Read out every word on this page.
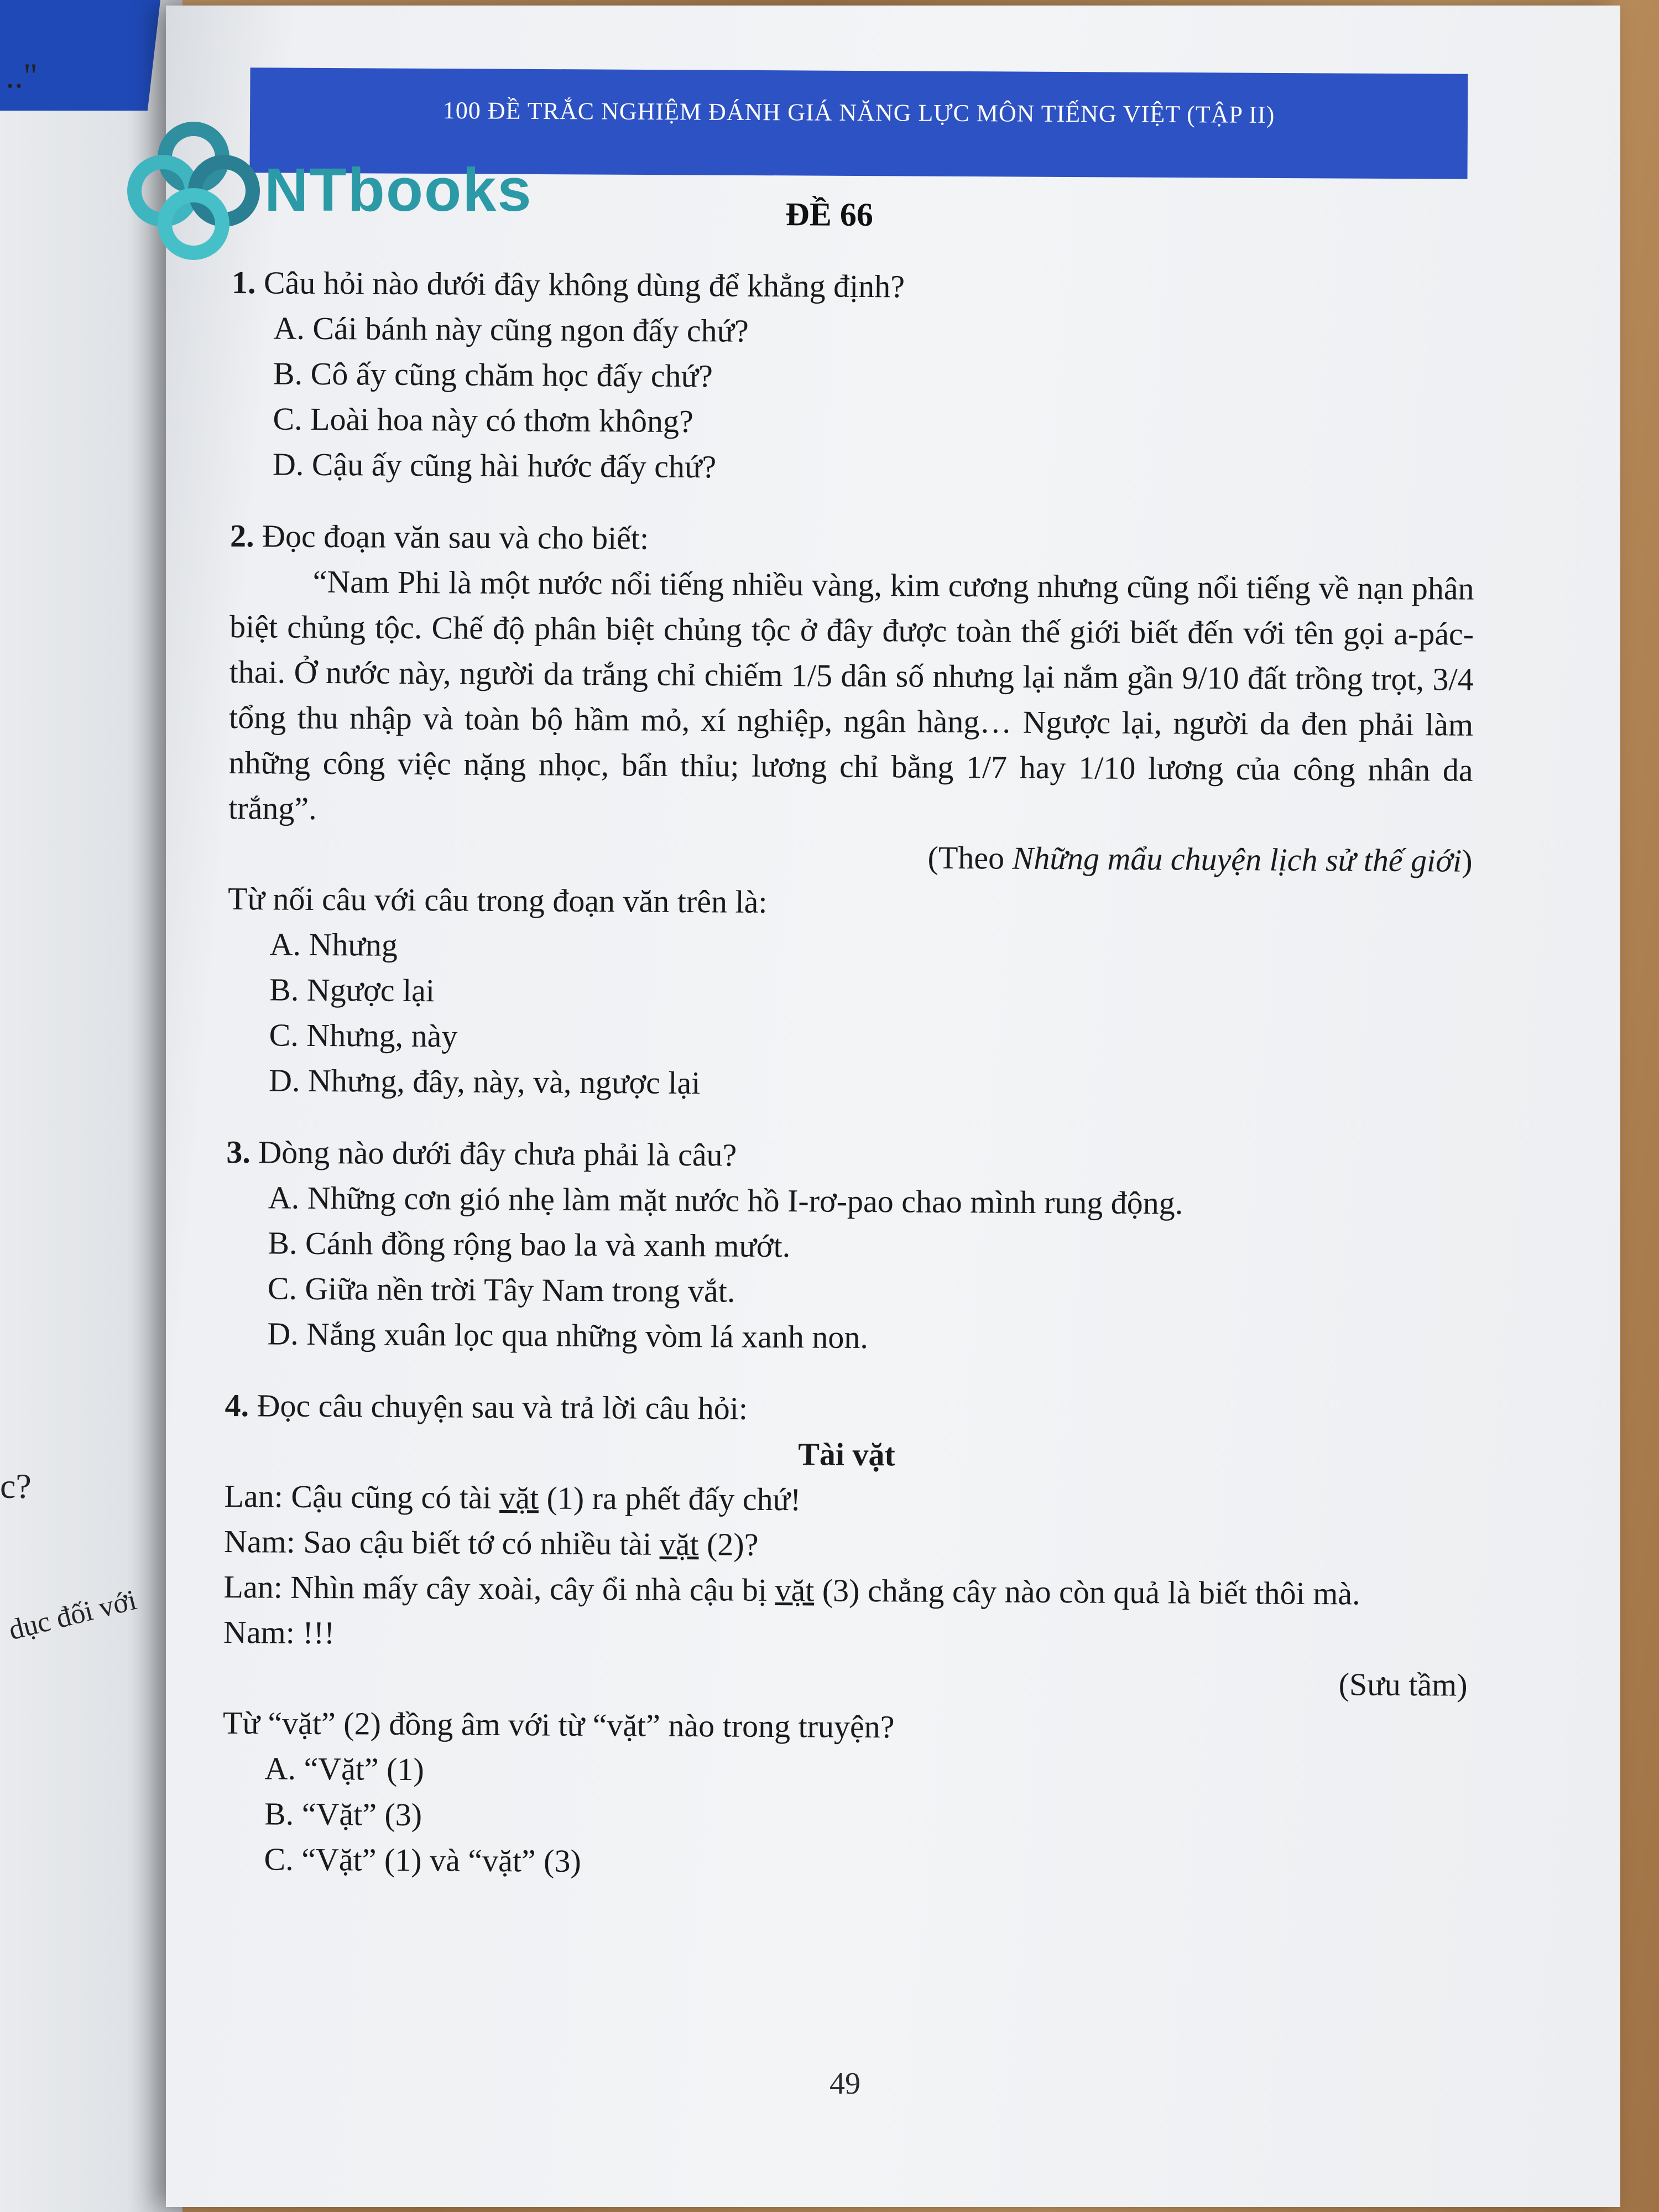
.."
c?
dục đối với
100 ĐỀ TRẮC NGHIỆM ĐÁNH GIÁ NĂNG LỰC MÔN TIẾNG VIỆT (TẬP II)
NTbooks	ĐỀ 66
1. Câu hỏi nào dưới đây không dùng để khẳng định?
A. Cái bánh này cũng ngon đấy chứ?
B. Cô ấy cũng chăm học đấy chứ?
C. Loài hoa này có thơm không?
D. Cậu ấy cũng hài hước đấy chứ?
2. Đọc đoạn văn sau và cho biết:
“Nam Phi là một nước nổi tiếng nhiều vàng, kim cương nhưng cũng nổi tiếng về nạn phân biệt chủng tộc. Chế độ phân biệt chủng tộc ở đây được toàn thế giới biết đến với tên gọi a-pác-thai. Ở nước này, người da trắng chỉ chiếm 1/5 dân số nhưng lại nắm gần 9/10 đất trồng trọt, 3/4 tổng thu nhập và toàn bộ hầm mỏ, xí nghiệp, ngân hàng… Ngược lại, người da đen phải làm những công việc nặng nhọc, bẩn thỉu; lương chỉ bằng 1/7 hay 1/10 lương của công nhân da trắng”.
(Theo Những mẩu chuyện lịch sử thế giới)
Từ nối câu với câu trong đoạn văn trên là:
A. Nhưng
B. Ngược lại
C. Nhưng, này
D. Nhưng, đây, này, và, ngược lại
3. Dòng nào dưới đây chưa phải là câu?
A. Những cơn gió nhẹ làm mặt nước hồ I-rơ-pao chao mình rung động.
B. Cánh đồng rộng bao la và xanh mướt.
C. Giữa nền trời Tây Nam trong vắt.
D. Nắng xuân lọc qua những vòm lá xanh non.
4. Đọc câu chuyện sau và trả lời câu hỏi:
Tài vặt
Lan: Cậu cũng có tài vặt (1) ra phết đấy chứ!
Nam: Sao cậu biết tớ có nhiều tài vặt (2)?
Lan: Nhìn mấy cây xoài, cây ổi nhà cậu bị vặt (3) chẳng cây nào còn quả là biết thôi mà.
Nam: !!!
(Sưu tầm)
Từ “vặt” (2) đồng âm với từ “vặt” nào trong truyện?
A. “Vặt” (1)
B. “Vặt” (3)
C. “Vặt” (1) và “vặt” (3)
49
